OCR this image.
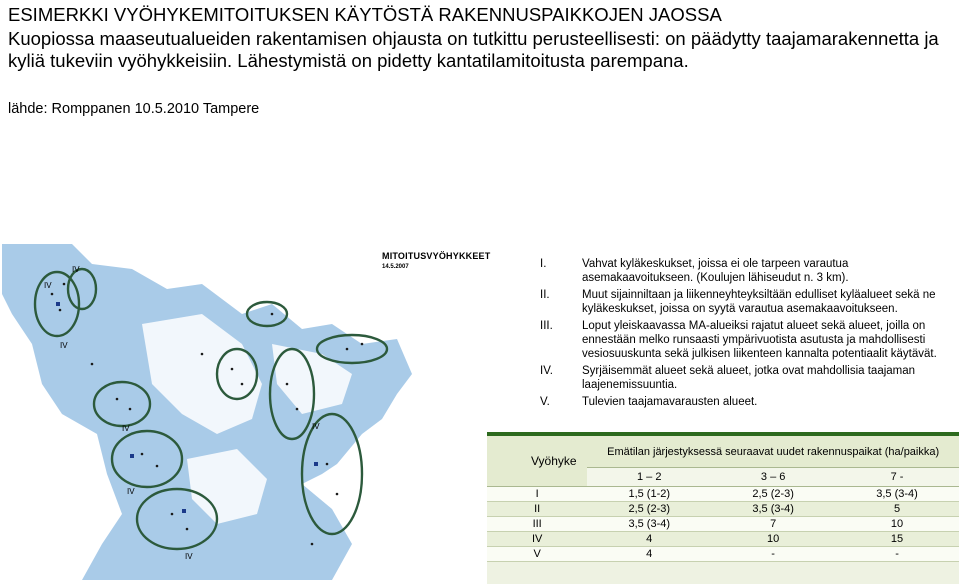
ESIMERKKI VYÖHYKEMITOITUKSEN KÄYTÖSTÄ RAKENNUSPAIKKOJEN JAOSSA
Kuopiossa maaseutualueiden rakentamisen ohjausta on tutkittu perusteellisesti: on päädytty taajamarakennetta ja kyliä tukeviin vyöhykkeisiin. Lähestymistä on pidetty kantatilamitoitusta parempana.
lähde: Romppanen 10.5.2010 Tampere
IV
IV
IV
IV
IV
IV
IV
MITOITUSVYÖHYKKEET
14.5.2007	I.	Vahvat kyläkeskukset, joissa ei ole tarpeen varautua asemakaavoitukseen. (Koulujen lähiseudut n. 3 km).
II.	Muut sijainniltaan ja liikenneyhteyksiltään edulliset kyläalueet sekä ne kyläkeskukset, joissa on syytä varautua asemakaavoitukseen.
III.	Loput yleiskaavassa MA-alueiksi rajatut alueet sekä alueet, joilla on ennestään melko runsaasti ympärivuotista asutusta ja mahdollisesti vesiosuuskunta sekä julkisen liikenteen kannalta potentiaalit käytävät.
IV.	Syrjäisemmät alueet sekä alueet, jotka ovat mahdollisia taajaman laajenemissuuntia.
V.	Tulevien taajamavarausten alueet.
Vyöhyke	Emätilan järjestyksessä seuraavat uudet rakennuspaikat (ha/paikka)		
	1 – 2	3 – 6	7 -
I	1,5 (1-2)	2,5 (2-3)	3,5 (3-4)
II	2,5 (2-3)	3,5 (3-4)	5
III	3,5 (3-4)	7	10
IV	4	10	15
V	4	-	-
